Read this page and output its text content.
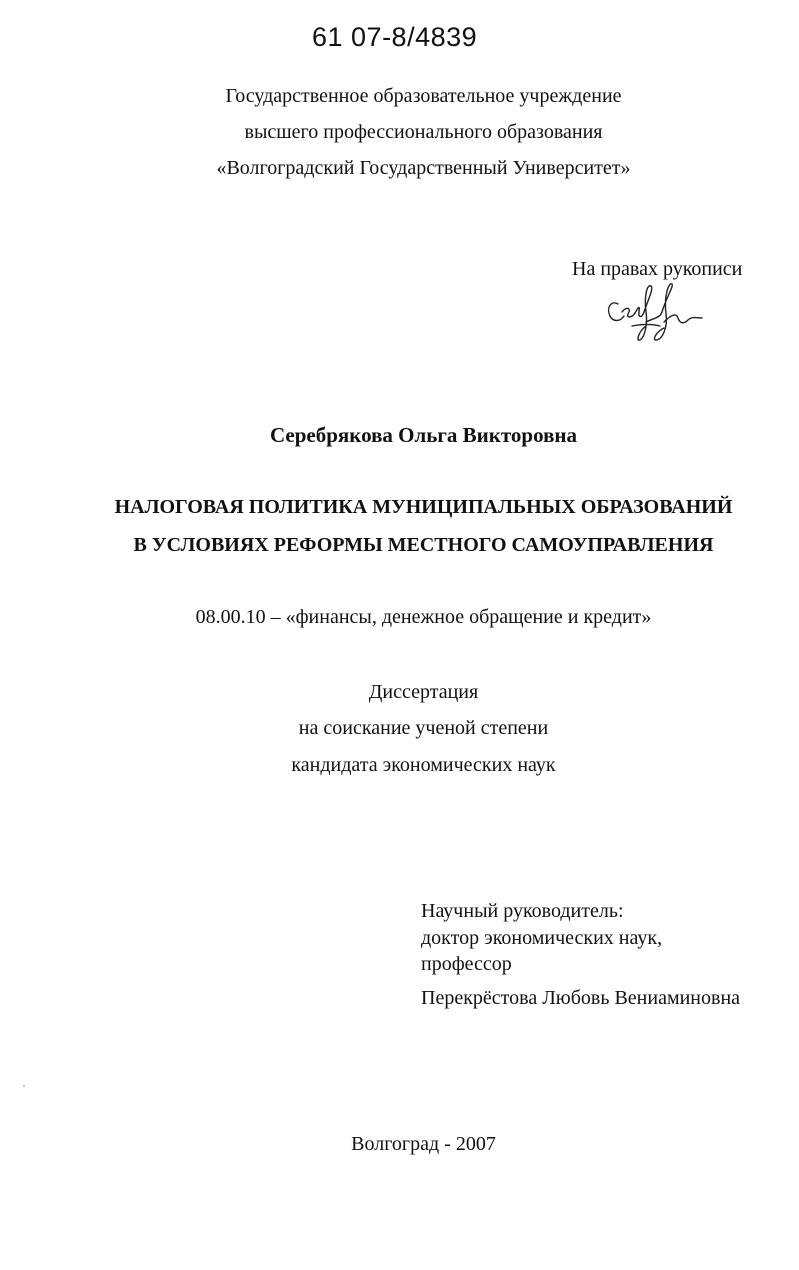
61 07-8/4839
Государственное образовательное учреждение
высшего профессионального образования
«Волгоградский Государственный Университет»
На правах рукописи
Серебрякова Ольга Викторовна
НАЛОГОВАЯ ПОЛИТИКА МУНИЦИПАЛЬНЫХ ОБРАЗОВАНИЙ
В УСЛОВИЯХ РЕФОРМЫ МЕСТНОГО САМОУПРАВЛЕНИЯ
08.00.10 – «финансы, денежное обращение и кредит»
Диссертация
на соискание ученой степени
кандидата экономических наук
Научный руководитель:
доктор экономических наук,
профессор
Перекрёстова Любовь Вениаминовна
Волгоград - 2007
